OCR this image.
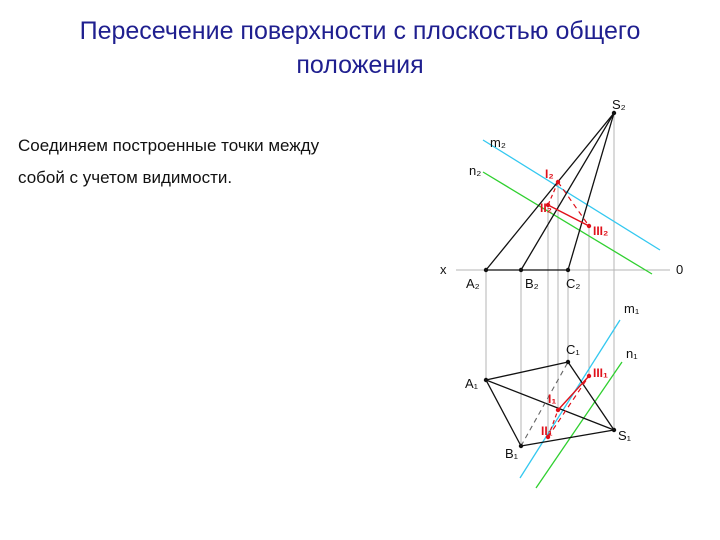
Пересечение поверхности с плоскостью общего
положения
Соединяем построенные точки между
собой с учетом видимости.
S₂
m₂
n₂	I₂
II₂
III₂
x	0
A₂	B₂ C₂
m₁
C₁	n₁
III₁
A₁
I₁
II₁	S₁
B₁
